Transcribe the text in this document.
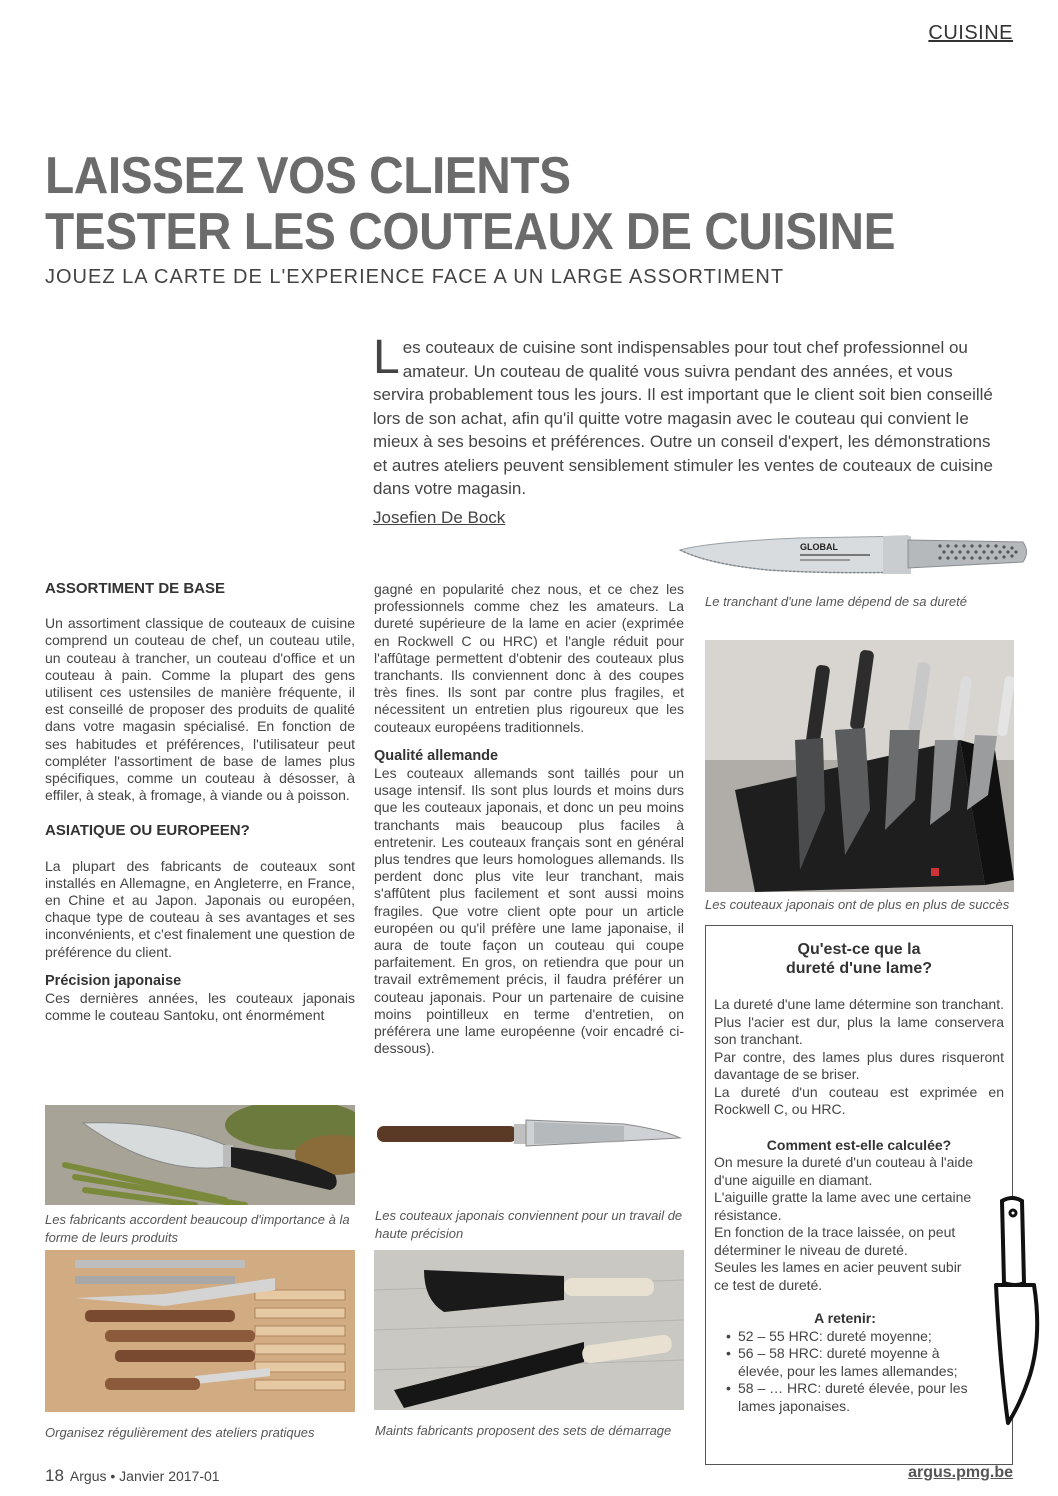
CUISINE
LAISSEZ VOS CLIENTS
TESTER LES COUTEAUX DE CUISINE
JOUEZ LA CARTE DE L'EXPERIENCE FACE A UN LARGE ASSORTIMENT
Les couteaux de cuisine sont indispensables pour tout chef professionnel ou amateur. Un couteau de qualité vous suivra pendant des années, et vous servira probablement tous les jours. Il est important que le client soit bien conseillé lors de son achat, afin qu'il quitte votre magasin avec le couteau qui convient le mieux à ses besoins et préférences. Outre un conseil d'expert, les démonstrations et autres ateliers peuvent sensiblement stimuler les ventes de couteaux de cuisine dans votre magasin.
Josefien De Bock
GLOBAL
Le tranchant d'une lame dépend de sa dureté
Les couteaux japonais ont de plus en plus de succès
ASSORTIMENT DE BASE

Un assortiment classique de couteaux de cuisine comprend un couteau de chef, un couteau utile, un couteau à trancher, un couteau d'office et un couteau à pain. Comme la plupart des gens utilisent ces ustensiles de manière fréquente, il est conseillé de proposer des produits de qualité dans votre magasin spécialisé. En fonction de ses habitudes et préférences, l'utilisateur peut compléter l'assortiment de base de lames plus spécifiques, comme un couteau à désosser, à effiler, à steak, à fromage, à viande ou à poisson.

ASIATIQUE OU EUROPEEN?

La plupart des fabricants de couteaux sont installés en Allemagne, en Angleterre, en France, en Chine et au Japon. Japonais ou européen, chaque type de couteau à ses avantages et ses inconvénients, et c'est finalement une question de préférence du client.

Précision japonaise

Ces dernières années, les couteaux japonais comme le couteau Santoku, ont énormément

gagné en popularité chez nous, et ce chez les professionnels comme chez les amateurs. La dureté supérieure de la lame en acier (exprimée en Rockwell C ou HRC) et l'angle réduit pour l'affûtage permettent d'obtenir des couteaux plus tranchants. Ils conviennent donc à des coupes très fines. Ils sont par contre plus fragiles, et nécessitent un entretien plus rigoureux que les couteaux européens traditionnels.

Qualité allemande

Les couteaux allemands sont taillés pour un usage intensif. Ils sont plus lourds et moins durs que les couteaux japonais, et donc un peu moins tranchants mais beaucoup plus faciles à entretenir. Les couteaux français sont en général plus tendres que leurs homologues allemands. Ils perdent donc plus vite leur tranchant, mais s'affûtent plus facilement et sont aussi moins fragiles. Que votre client opte pour un article européen ou qu'il préfère une lame japonaise, il aura de toute façon un couteau qui coupe parfaitement. En gros, on retiendra que pour un travail extrêmement précis, il faudra préférer un couteau japonais. Pour un partenaire de cuisine moins pointilleux en terme d'entretien, on préférera une lame européenne (voir encadré ci-dessous).

Les fabricants accordent beaucoup d'importance à la forme de leurs produits
Les couteaux japonais conviennent pour un travail de haute précision
Organisez régulièrement des ateliers pratiques	Maints fabricants proposent des sets de démarrage
Qu'est-ce que la dureté d'une lame?

La dureté d'une lame détermine son tranchant. Plus l'acier est dur, plus la lame conservera son tranchant.

Par contre, des lames plus dures risqueront davantage de se briser.

La dureté d'un couteau est exprimée en Rockwell C, ou HRC.

Comment est-elle calculée?

On mesure la dureté d'un couteau à l'aide d'une aiguille en diamant.

L'aiguille gratte la lame avec une certaine résistance.

En fonction de la trace laissée, on peut déterminer le niveau de dureté.

Seules les lames en acier peuvent subir ce test de dureté.

A retenir:
• 52 – 55 HRC: dureté moyenne;
• 56 – 58 HRC: dureté moyenne à élevée, pour les lames allemandes;
• 58 – … HRC: dureté élevée, pour les lames japonaises.
18 Argus • Janvier 2017-01	argus.pmg.be
